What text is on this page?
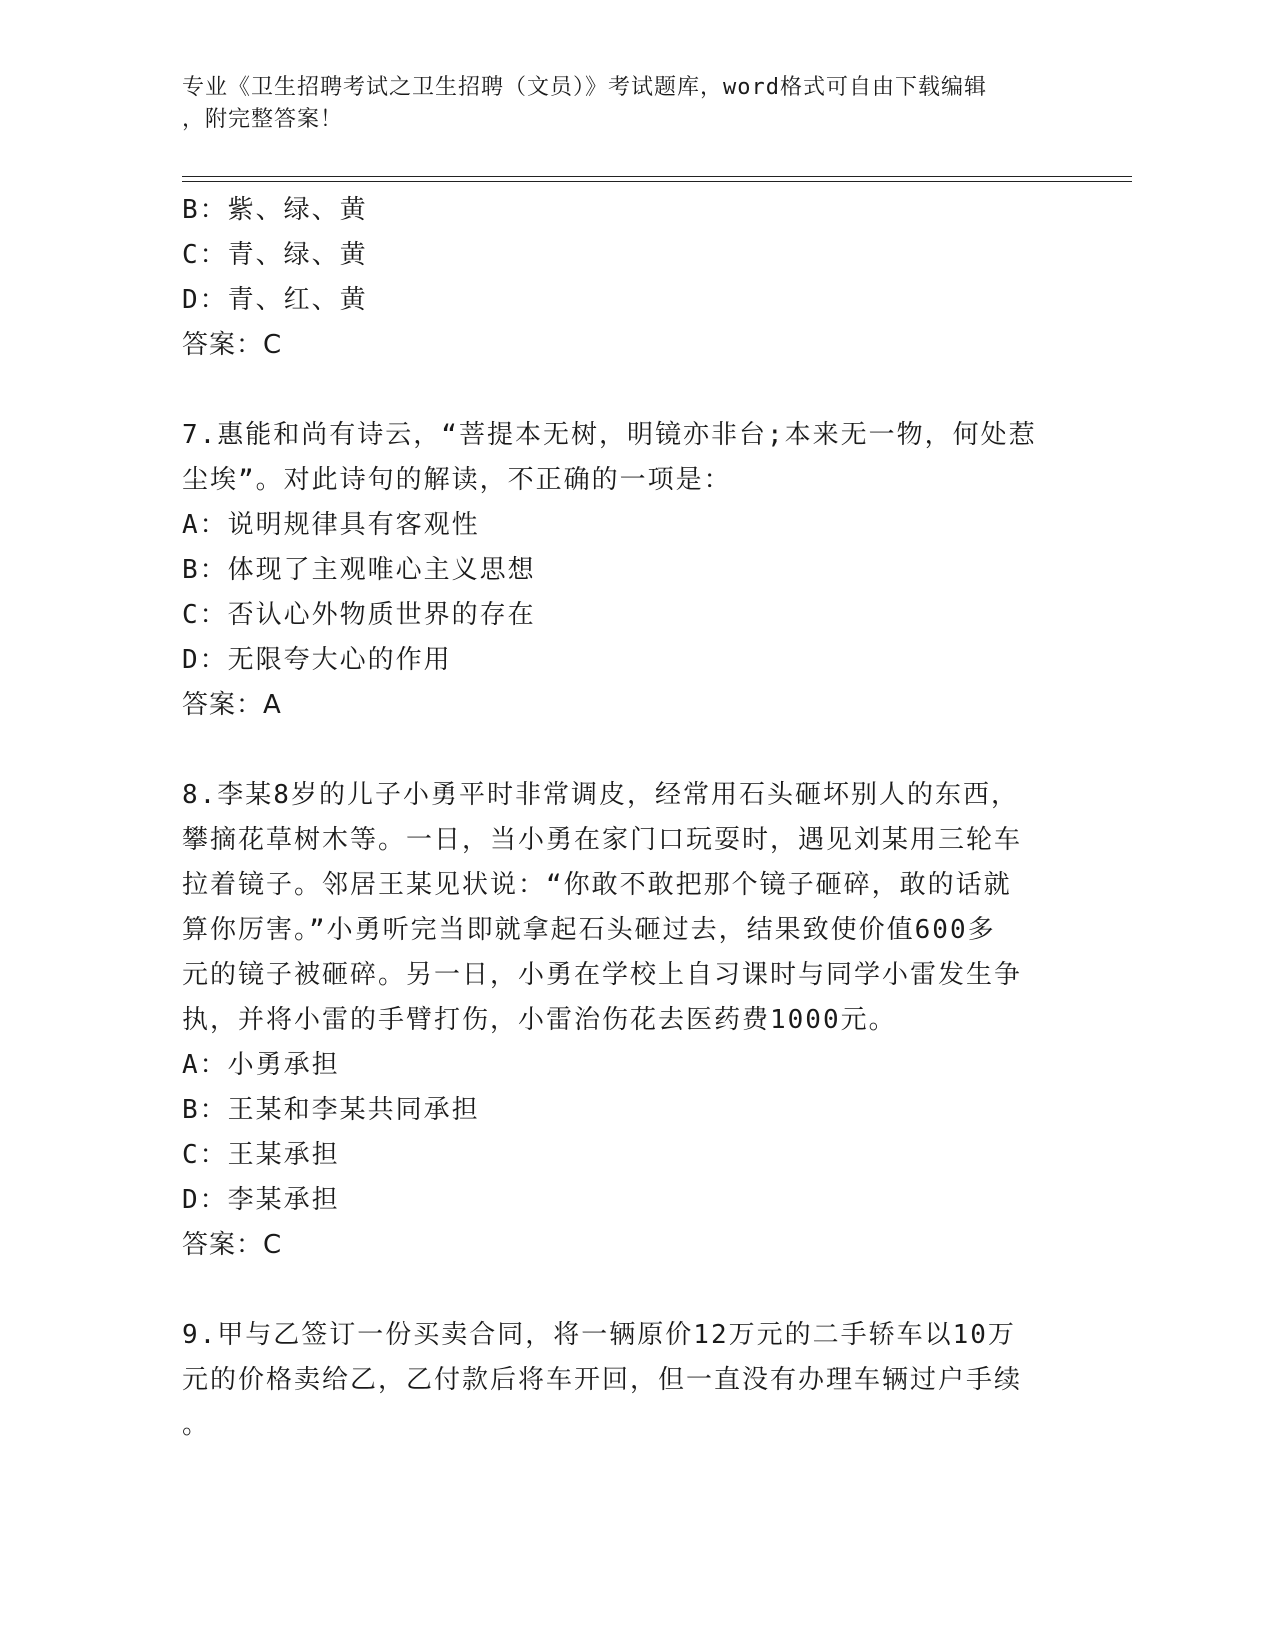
专业《卫生招聘考试之卫生招聘（文员）》考试题库，word格式可自由下载编辑
，附完整答案！
B：紫、绿、黄
C：青、绿、黄
D：青、红、黄
答案：C
7.惠能和尚有诗云，“菩提本无树，明镜亦非台;本来无一物，何处惹
尘埃”。对此诗句的解读，不正确的一项是：
A：说明规律具有客观性
B：体现了主观唯心主义思想
C：否认心外物质世界的存在
D：无限夸大心的作用
答案：A
8.李某8岁的儿子小勇平时非常调皮，经常用石头砸坏别人的东西，
攀摘花草树木等。一日，当小勇在家门口玩耍时，遇见刘某用三轮车
拉着镜子。邻居王某见状说：“你敢不敢把那个镜子砸碎，敢的话就
算你厉害。”小勇听完当即就拿起石头砸过去，结果致使价值600多
元的镜子被砸碎。另一日，小勇在学校上自习课时与同学小雷发生争
执，并将小雷的手臂打伤，小雷治伤花去医药费1000元。
A：小勇承担
B：王某和李某共同承担
C：王某承担
D：李某承担
答案：C
9.甲与乙签订一份买卖合同，将一辆原价12万元的二手轿车以10万
元的价格卖给乙，乙付款后将车开回，但一直没有办理车辆过户手续
。
